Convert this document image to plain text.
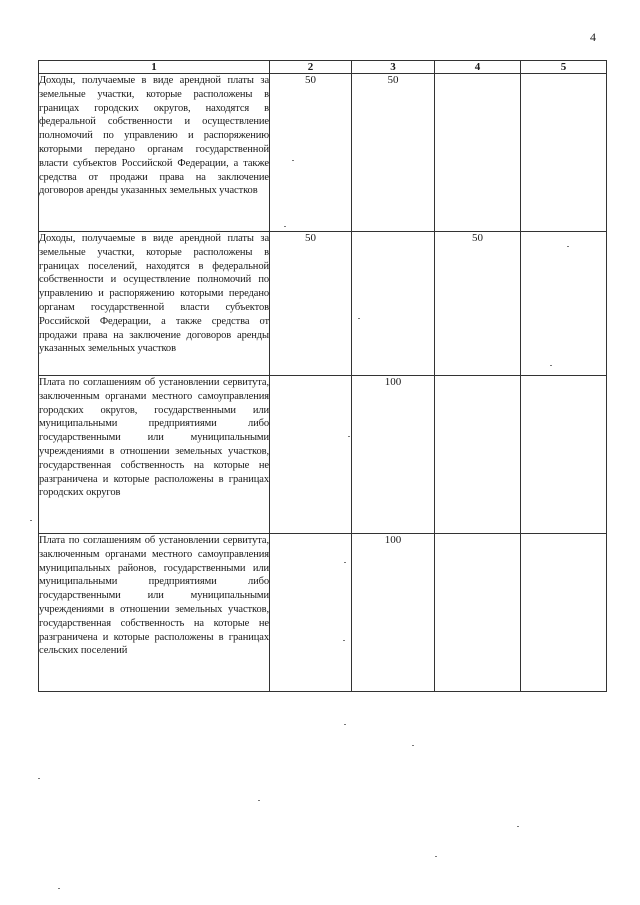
4
1	2	3	4	5

Доходы, получаемые в виде арендной платы за земельные участки, которые расположены в границах городских округов, находятся в федеральной собственности и осуществление полномочий по управлению и распоряжению которыми передано органам государственной власти субъектов Российской Федерации, а также средства от продажи права на заключение договоров аренды указанных земельных участков	50	50		

Доходы, получаемые в виде арендной платы за земельные участки, которые расположены в границах поселений, находятся в федеральной собственности и осуществление полномочий по управлению и распоряжению которыми передано органам государственной власти субъектов Российской Федерации, а также средства от продажи права на заключение договоров аренды указанных земельных участков	50		50	

Плата по соглашениям об установлении сервитута, заключенным органами местного самоуправления городских округов, государственными или муниципальными предприятиями либо государственными или муниципальными учреждениями в отношении земельных участков, государственная собственность на которые не разграничена и которые расположены в границах городских округов		100		

Плата по соглашениям об установлении сервитута, заключенным органами местного самоуправления муниципальных районов, государственными или муниципальными предприятиями либо государственными или муниципальными учреждениями в отношении земельных участков, государственная собственность на которые не разграничена и которые расположены в границах сельских поселений		100		
